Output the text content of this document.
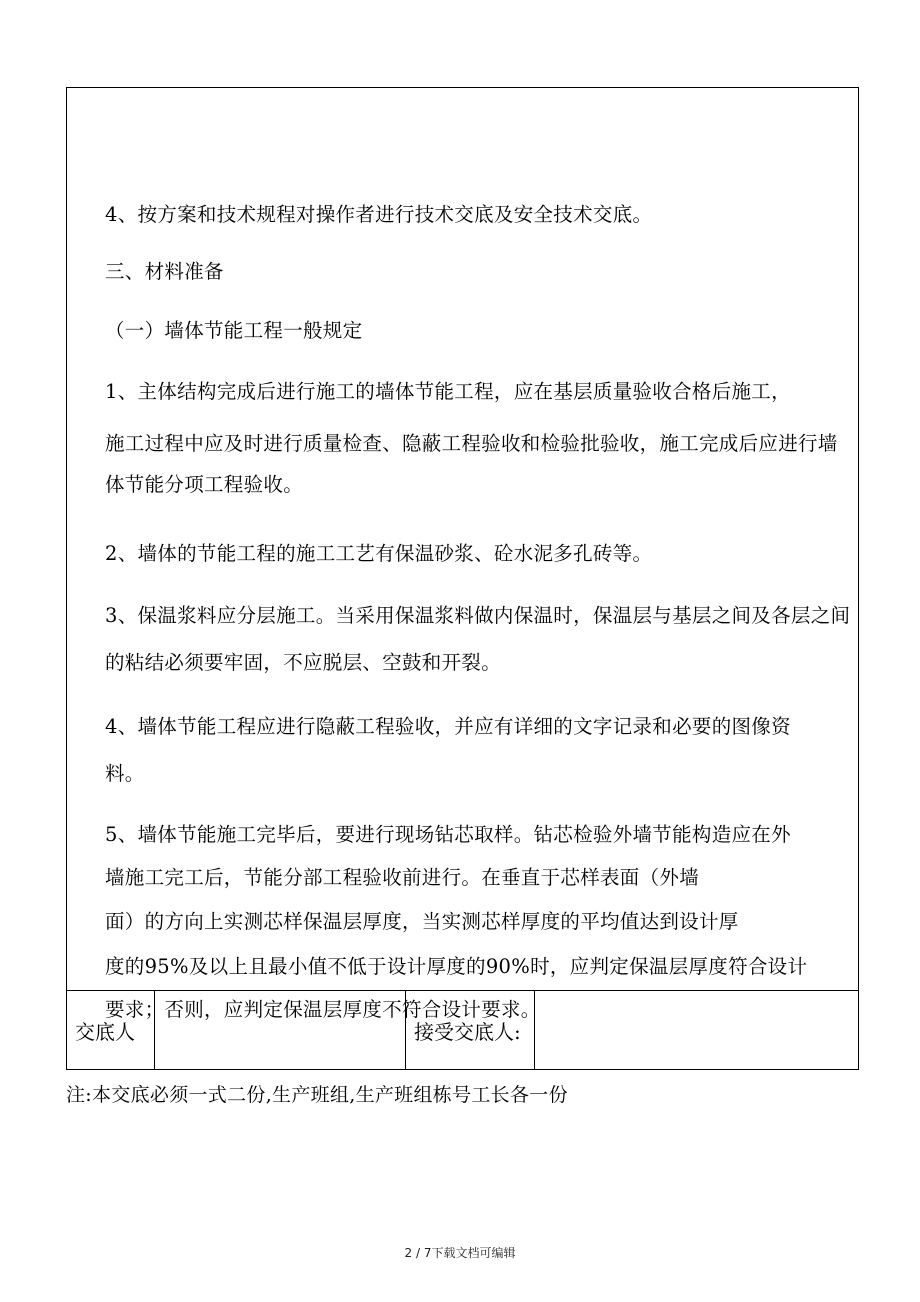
4、按方案和技术规程对操作者进行技术交底及安全技术交底。

三、材料准备

（一）墙体节能工程一般规定

1、主体结构完成后进行施工的墙体节能工程，应在基层质量验收合格后施工，

施工过程中应及时进行质量检查、隐蔽工程验收和检验批验收，施工完成后应进行墙

体节能分项工程验收。

2、墙体的节能工程的施工工艺有保温砂浆、砼水泥多孔砖等。

3、保温浆料应分层施工。当采用保温浆料做内保温时，保温层与基层之间及各层之间

的粘结必须要牢固，不应脱层、空鼓和开裂。

4、墙体节能工程应进行隐蔽工程验收，并应有详细的文字记录和必要的图像资

料。

5、墙体节能施工完毕后，要进行现场钻芯取样。钻芯检验外墙节能构造应在外

墙施工完工后，节能分部工程验收前进行。在垂直于芯样表面（外墙

面）的方向上实测芯样保温层厚度，当实测芯样厚度的平均值达到设计厚

度的95%及以上且最小值不低于设计厚度的90%时，应判定保温层厚度符合设计

要求；否则，应判定保温层厚度不符合设计要求。

交底人	接受交底人:
注:本交底必须一式二份,生产班组,生产班组栋号工长各一份
2 / 7下载文档可编辑
